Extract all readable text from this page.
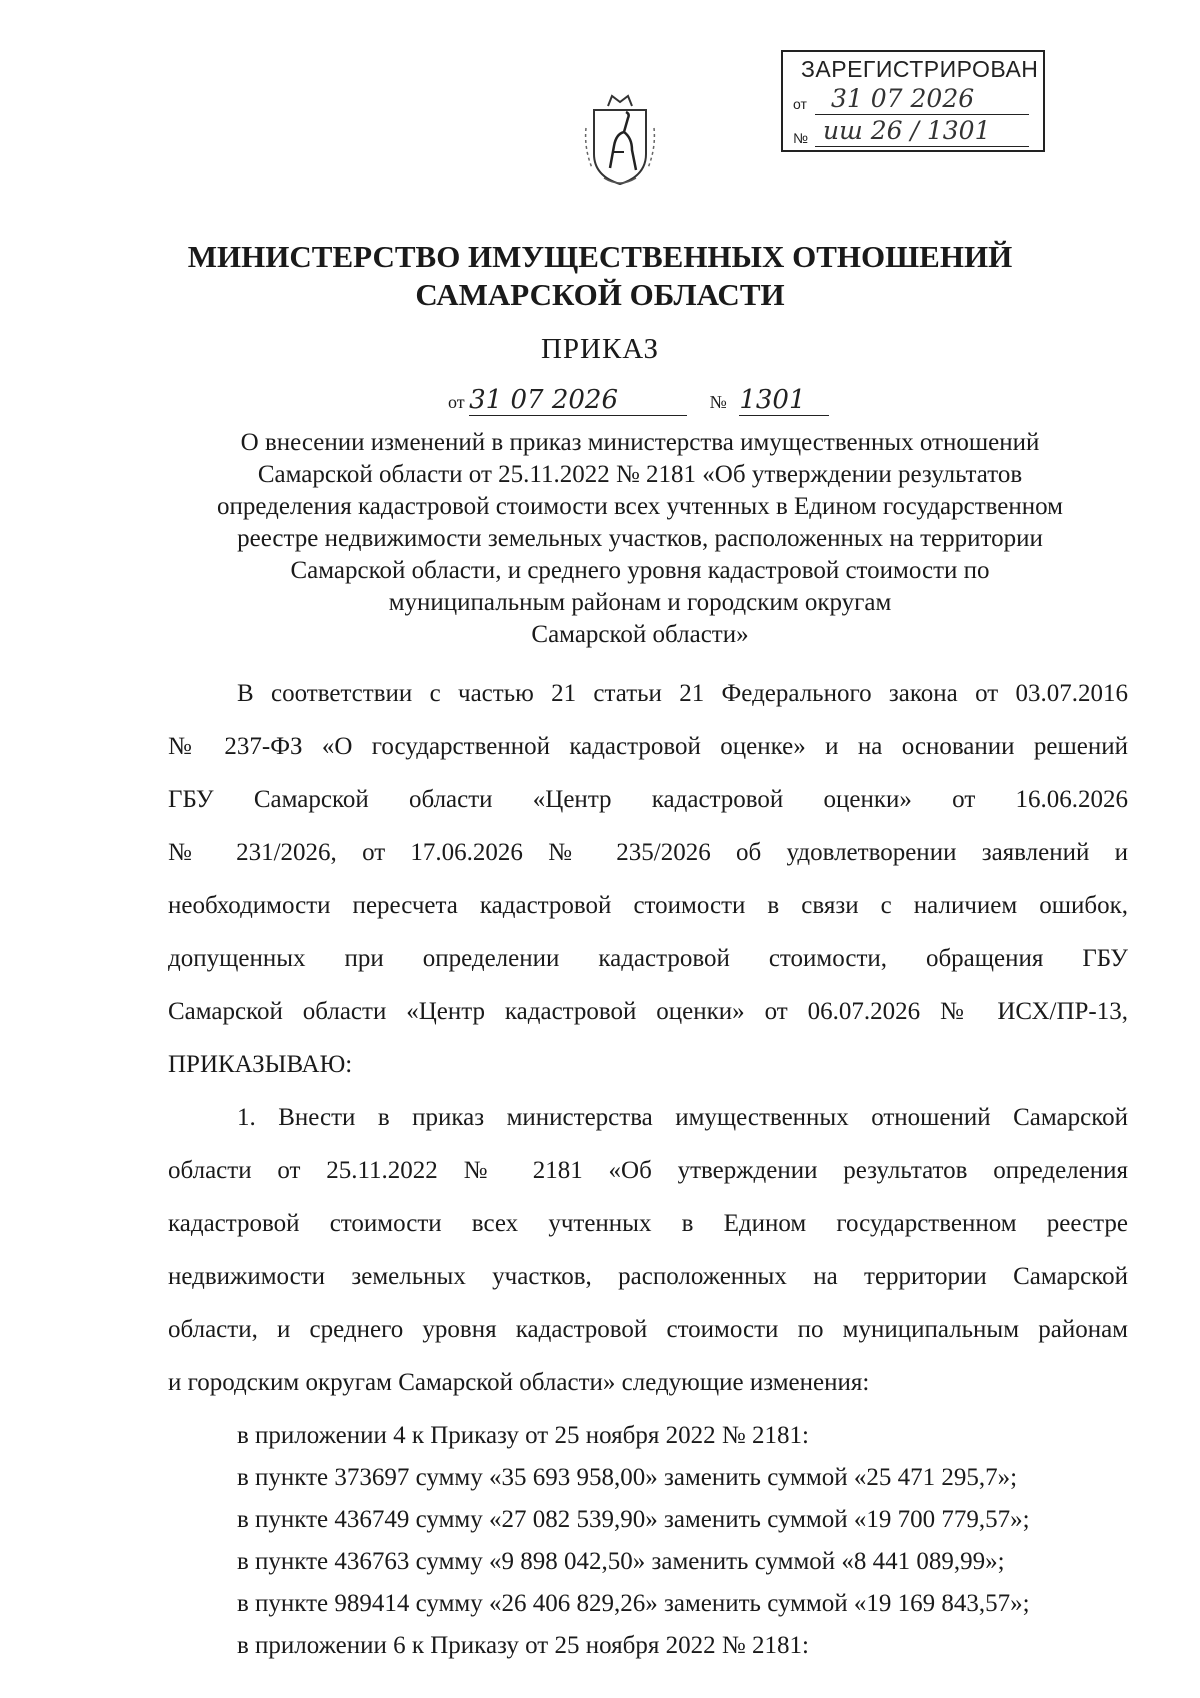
ЗАРЕГИСТРИРОВАН
от 31 07 2026
№ иш 26 / 1301
МИНИСТЕРСТВО ИМУЩЕСТВЕННЫХ ОТНОШЕНИЙ
САМАРСКОЙ ОБЛАСТИ
ПРИКАЗ
от 31 07 2026	№ 1301
О внесении изменений в приказ министерства имущественных отношений
Самарской области от 25.11.2022 № 2181 «Об утверждении результатов
определения кадастровой стоимости всех учтенных в Едином государственном
реестре недвижимости земельных участков, расположенных на территории
Самарской области, и среднего уровня кадастровой стоимости по
муниципальным районам и городским округам
Самарской области»
В соответствии с частью 21 статьи 21 Федерального закона от 03.07.2016
№ 237-ФЗ «О государственной кадастровой оценке» и на основании решений
ГБУ Самарской области «Центр кадастровой оценки» от 16.06.2026
№ 231/2026, от 17.06.2026 № 235/2026 об удовлетворении заявлений и
необходимости пересчета кадастровой стоимости в связи с наличием ошибок,
допущенных при определении кадастровой стоимости, обращения ГБУ
Самарской области «Центр кадастровой оценки» от 06.07.2026 № ИСХ/ПР-13,
ПРИКАЗЫВАЮ:
1. Внести в приказ министерства имущественных отношений Самарской
области от 25.11.2022 № 2181 «Об утверждении результатов определения
кадастровой стоимости всех учтенных в Едином государственном реестре
недвижимости земельных участков, расположенных на территории Самарской
области, и среднего уровня кадастровой стоимости по муниципальным районам
и городским округам Самарской области» следующие изменения:
в приложении 4 к Приказу от 25 ноября 2022 № 2181:
в пункте 373697 сумму «35 693 958,00» заменить суммой «25 471 295,7»;
в пункте 436749 сумму «27 082 539,90» заменить суммой «19 700 779,57»;
в пункте 436763 сумму «9 898 042,50» заменить суммой «8 441 089,99»;
в пункте 989414 сумму «26 406 829,26» заменить суммой «19 169 843,57»;
в приложении 6 к Приказу от 25 ноября 2022 № 2181:
